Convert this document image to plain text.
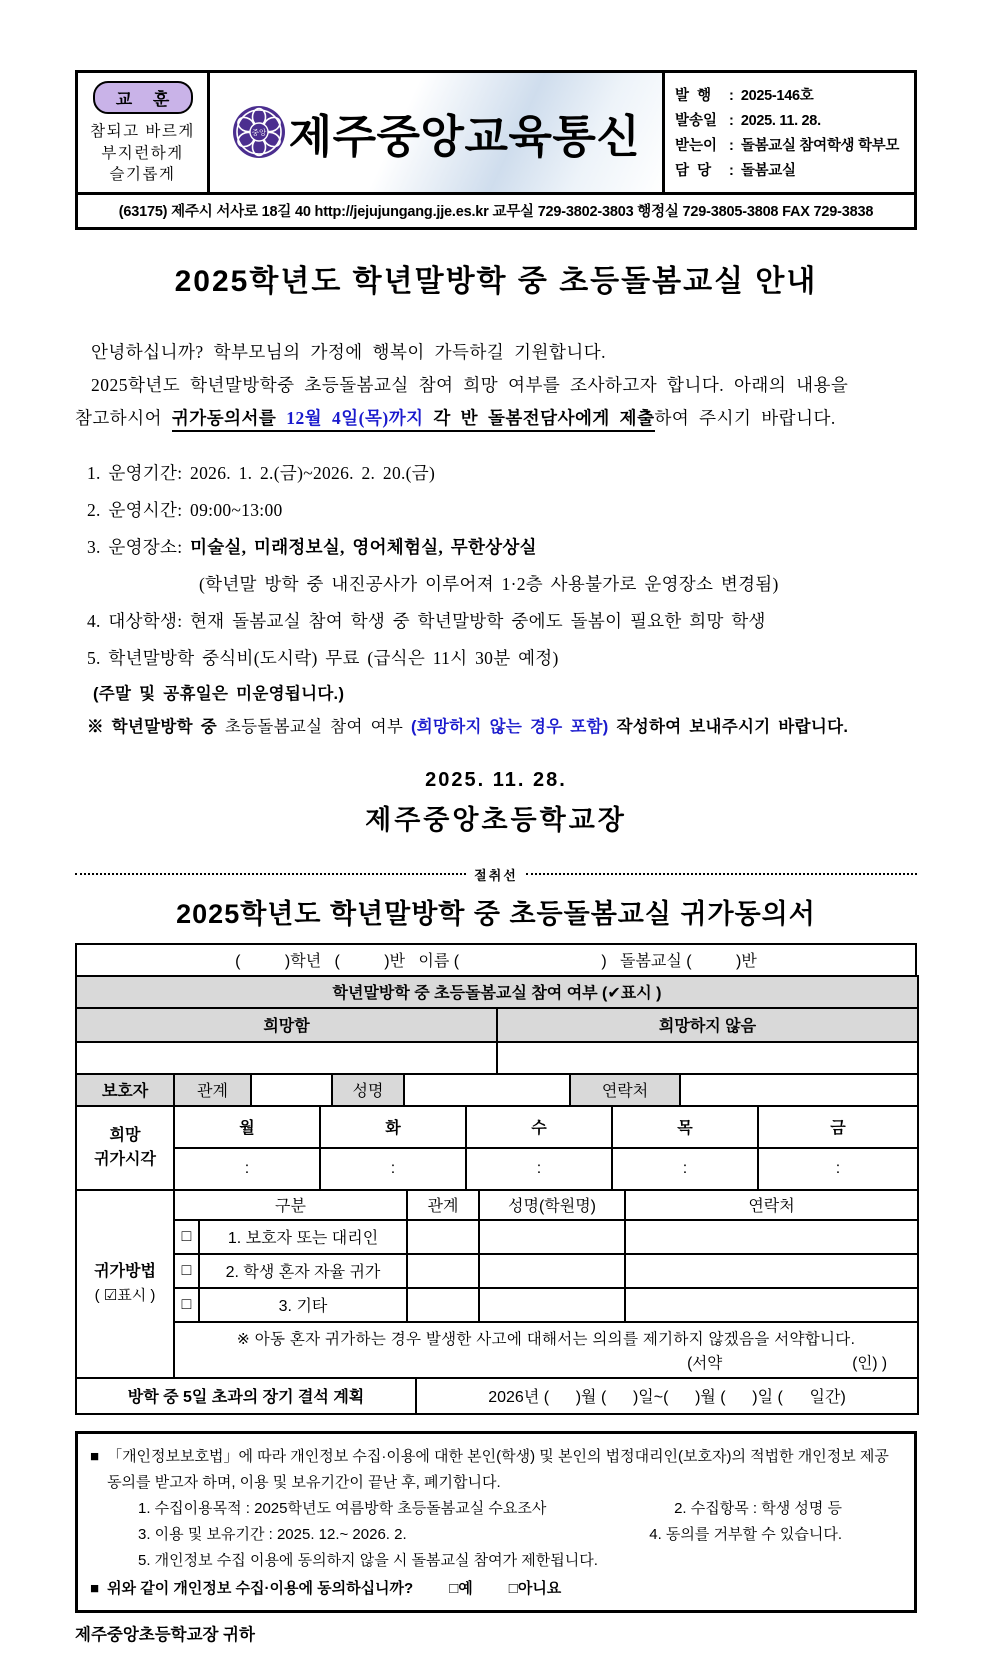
교 훈
참되고 바르게
부지런하게
슬기롭게
중앙 제주중앙교육통신
발  행	: 2025-146호
발송일 : 2025. 11. 28.
받는이 : 돌봄교실 참여학생 학부모
담  당	: 돌봄교실
(63175) 제주시 서사로 18길 40 http://jejujungang.jje.es.kr 교무실 729-3802-3803 행정실 729-3805-3808 FAX 729-3838
2025학년도 학년말방학 중 초등돌봄교실 안내
안녕하십니까? 학부모님의 가정에 행복이 가득하길 기원합니다.
2025학년도 학년말방학중 초등돌봄교실 참여 희망 여부를 조사하고자 합니다. 아래의 내용을
참고하시어 귀가동의서를 12월 4일(목)까지 각 반 돌봄전담사에게 제출하여 주시기 바랍니다.
1. 운영기간: 2026. 1. 2.(금)~2026. 2. 20.(금)
2. 운영시간: 09:00~13:00
3. 운영장소: 미술실, 미래정보실, 영어체험실, 무한상상실
(학년말 방학 중 내진공사가 이루어져 1·2층 사용불가로 운영장소 변경됨)
4. 대상학생: 현재 돌봄교실 참여 학생 중 학년말방학 중에도 돌봄이 필요한 희망 학생
5. 학년말방학 중식비(도시락) 무료 (급식은 11시 30분 예정)
(주말 및 공휴일은 미운영됩니다.)
※ 학년말방학 중 초등돌봄교실 참여 여부 (희망하지 않는 경우 포함) 작성하여 보내주시기 바랍니다.
2025. 11. 28.
제주중앙초등학교장
절취선
2025학년도 학년말방학 중 초등돌봄교실 귀가동의서
(          )학년   (          )반   이름 (                                )   돌봄교실 (          )반
학년말방학 중 초등돌봄교실 참여 여부 (✔표시 )	
희망함	희망하지 않음

보호자	관계		성명		연락처	
희망
귀가시각	월	화	수	목	금
	:	:	:	:	:
귀가방법
( ☑표시 )	구분		관계	성명(학원명)	연락처
	□	1. 보호자 또는 대리인			
	□	2. 학생 혼자 자율 귀가			
	□	3. 기타			

	※ 아동 혼자 귀가하는 경우 발생한 사고에 대해서는 의의를 제기하지 않겠음을 서약합니다.
(서약 (인) )				
방학 중 5일 초과의 장기 결석 계획	2026년 (      )월 (      )일~(      )월 (      )일 (      일간)
■ 「개인정보보호법」에 따라 개인정보 수집·이용에 대한 본인(학생) 및 본인의 법정대리인(보호자)의 적법한 개인정보 제공 동의를 받고자 하며, 이용 및 보유기간이 끝난 후, 폐기합니다.
1. 수집이용목적 : 2025학년도 여름방학 초등돌봄교실 수요조사	2. 수집항목 : 학생 성명 등
3. 이용 및 보유기간 : 2025. 12.~ 2026. 2.	4. 동의를 거부할 수 있습니다.
5. 개인정보 수집 이용에 동의하지 않을 시 돌봄교실 참여가 제한됩니다.
■ 위와 같이 개인정보 수집·이용에 동의하십니까? □예 □아니요
제주중앙초등학교장 귀하
